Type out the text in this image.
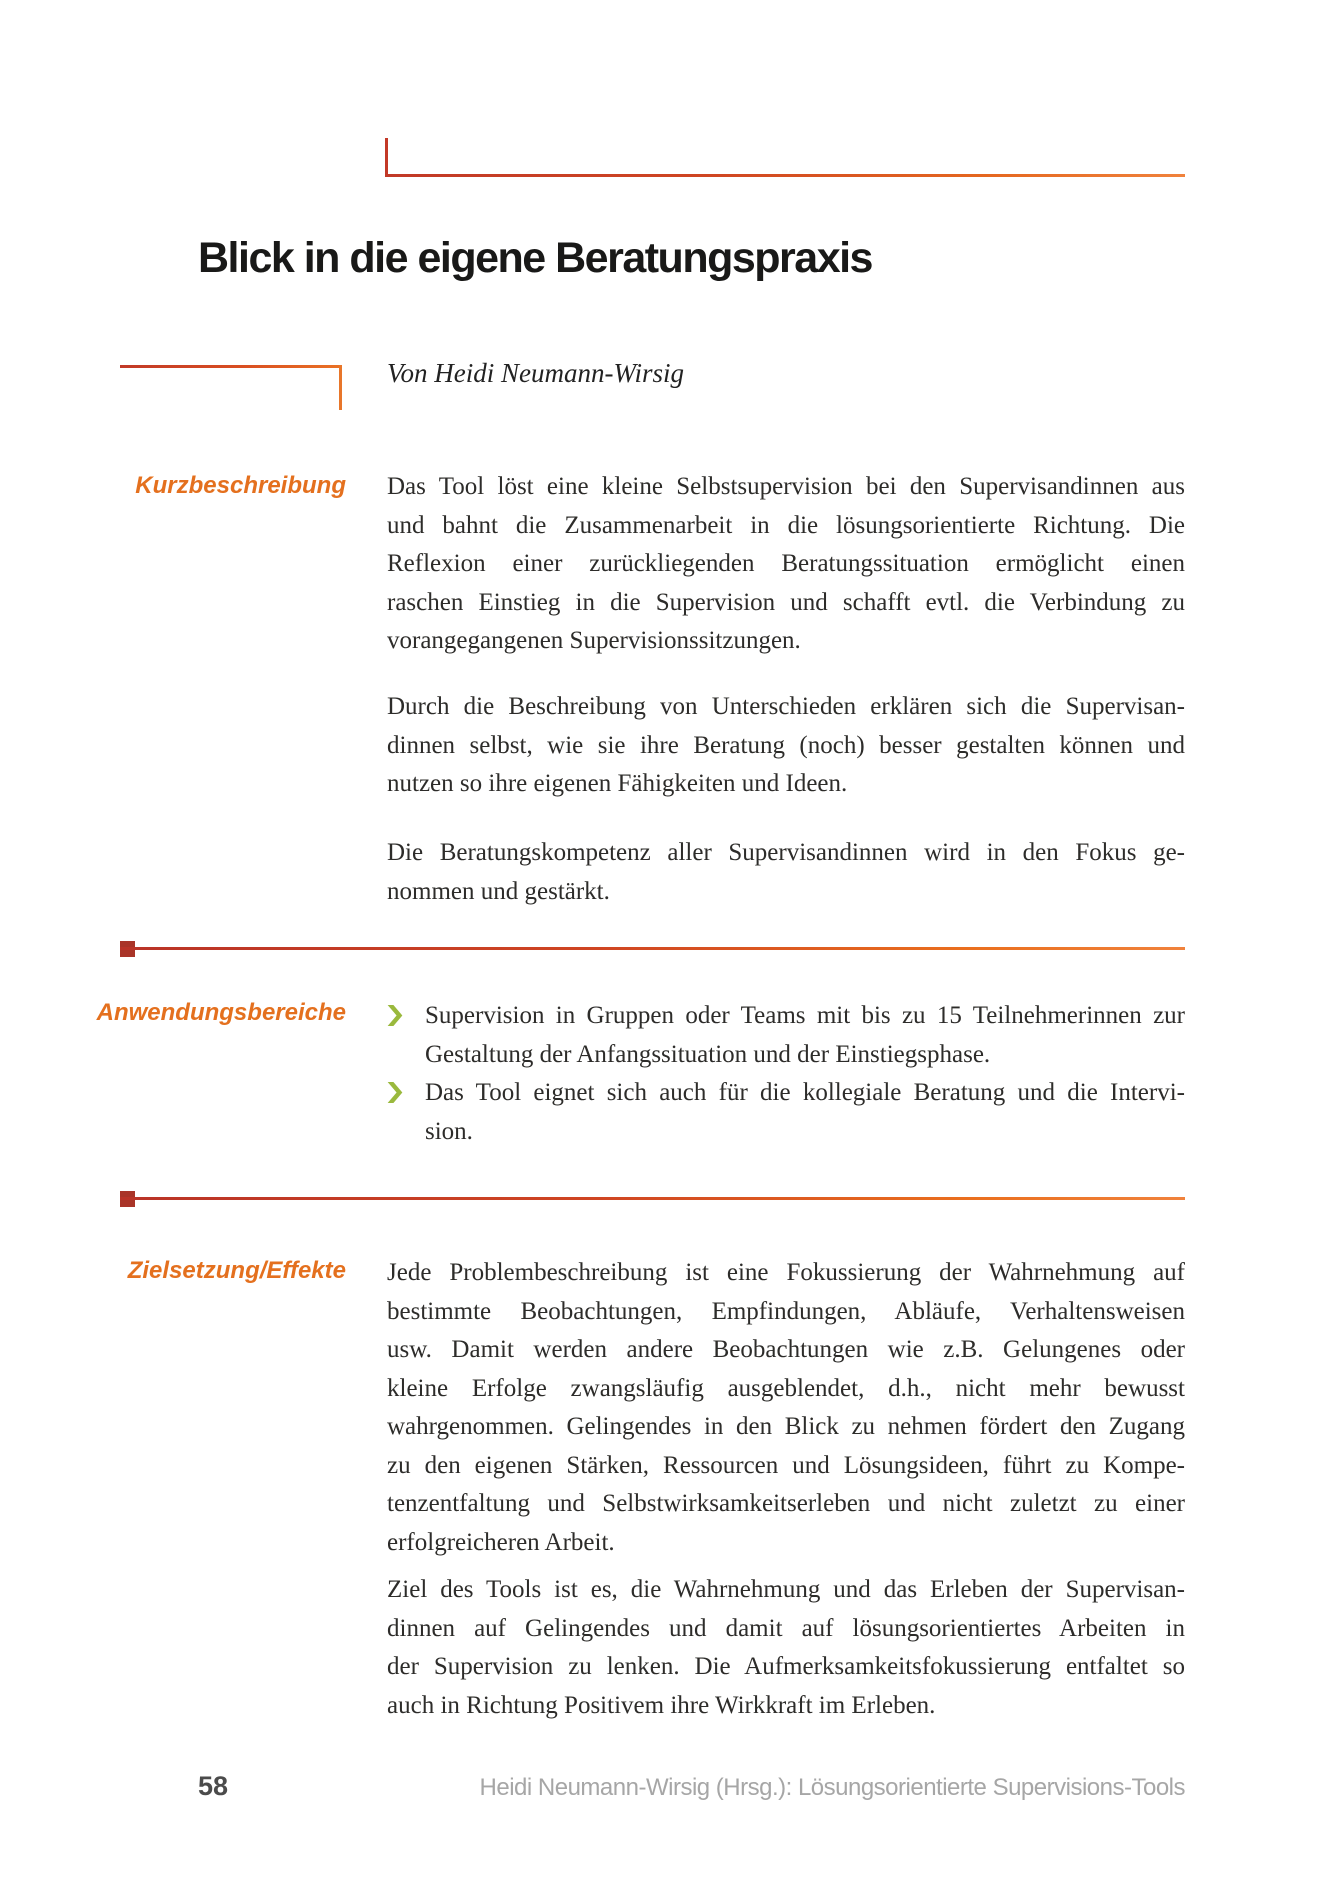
Blick in die eigene Beratungspraxis
Von Heidi Neumann-Wirsig
Kurzbeschreibung Das Tool löst eine kleine Selbstsupervision bei den Supervisandinnen aus
und bahnt die Zusammenarbeit in die lösungsorientierte Richtung. Die
Reflexion einer zurückliegenden Beratungssituation ermöglicht einen
raschen Einstieg in die Supervision und schafft evtl. die Verbindung zu
vorangegangenen Supervisionssitzungen.
Durch die Beschreibung von Unterschieden erklären sich die Supervisan-
dinnen selbst, wie sie ihre Beratung (noch) besser gestalten können und
nutzen so ihre eigenen Fähigkeiten und Ideen.
Die Beratungskompetenz aller Supervisandinnen wird in den Fokus ge-
nommen und gestärkt.
Anwendungsbereiche	Supervision in Gruppen oder Teams mit bis zu 15 Teilnehmerinnen zur
Gestaltung der Anfangssituation und der Einstiegsphase.
Das Tool eignet sich auch für die kollegiale Beratung und die Intervi-
sion.
Zielsetzung/Effekte Jede Problembeschreibung ist eine Fokussierung der Wahrnehmung auf
bestimmte Beobachtungen, Empfindungen, Abläufe, Verhaltensweisen
usw. Damit werden andere Beobachtungen wie z.B. Gelungenes oder
kleine Erfolge zwangsläufig ausgeblendet, d.h., nicht mehr bewusst
wahrgenommen. Gelingendes in den Blick zu nehmen fördert den Zugang
zu den eigenen Stärken, Ressourcen und Lösungsideen, führt zu Kompe-
tenzentfaltung und Selbstwirksamkeitserleben und nicht zuletzt zu einer
erfolgreicheren Arbeit.
Ziel des Tools ist es, die Wahrnehmung und das Erleben der Supervisan-
dinnen auf Gelingendes und damit auf lösungsorientiertes Arbeiten in
der Supervision zu lenken. Die Aufmerksamkeitsfokussierung entfaltet so
auch in Richtung Positivem ihre Wirkkraft im Erleben.
58	Heidi Neumann-Wirsig (Hrsg.): Lösungsorientierte Supervisions-Tools
